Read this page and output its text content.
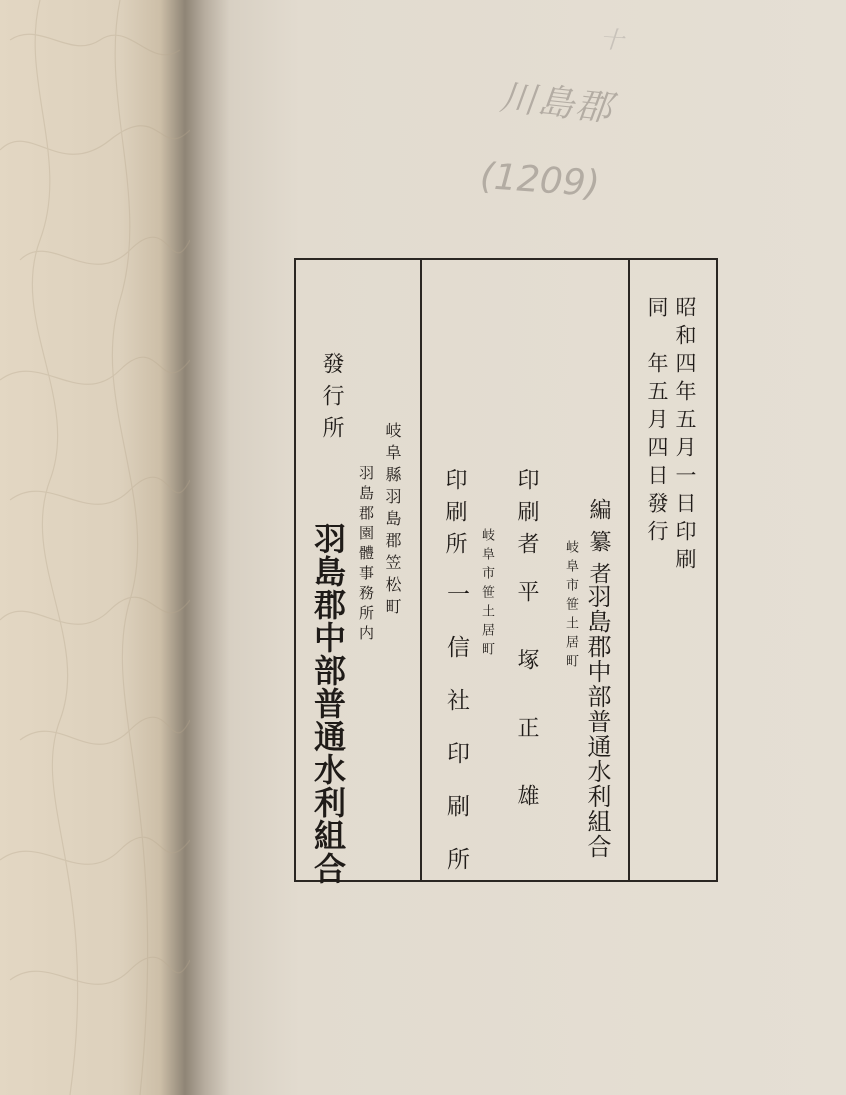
十
川島郡
(1209)
昭和四年五月一日印刷
同　年五月四日發行
編纂者
岐阜市笹土居町 羽島郡中部普通水利組合
印刷者
平塚正雄
印刷所
岐阜市笹土居町
一信社印刷所
發行所
岐阜縣羽島郡笠松町
羽島郡園體事務所内
羽島郡中部普通水利組合
